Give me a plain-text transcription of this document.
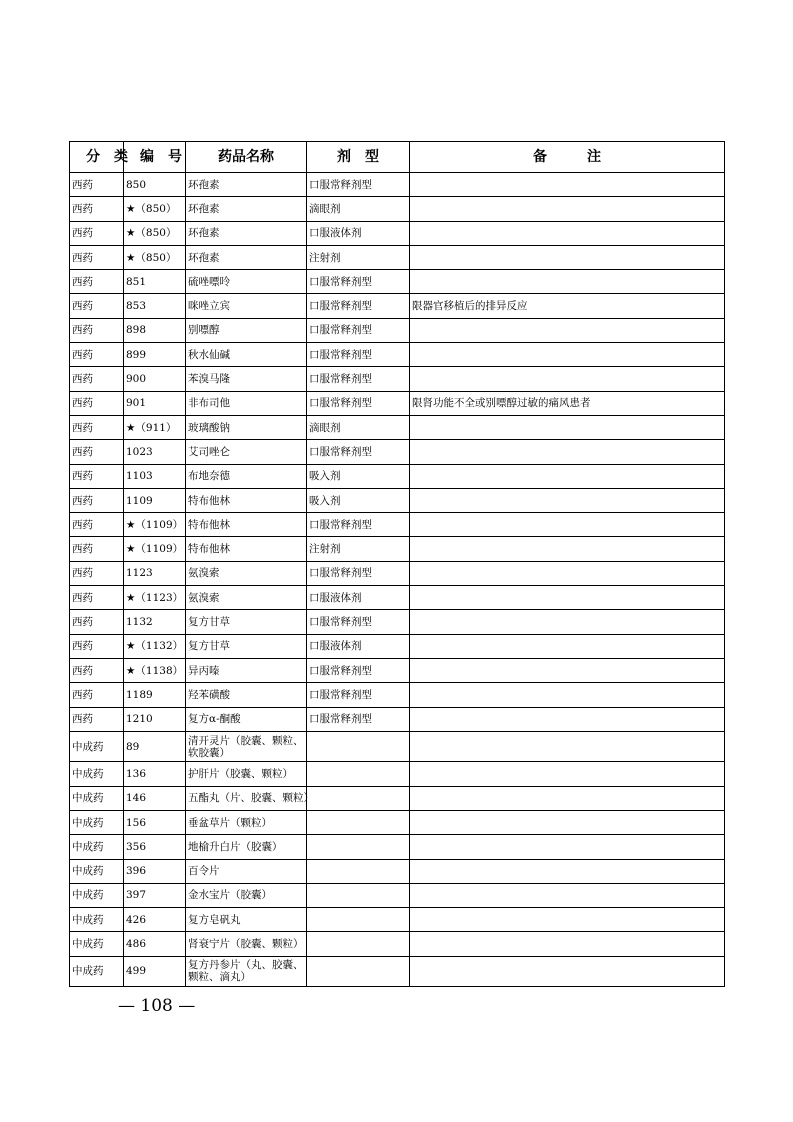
分类	编号	药品名称	剂型	备注
西药	850	环孢素	口服常释剂型	
西药	★（850）	环孢素	滴眼剂	
西药	★（850）	环孢素	口服液体剂	
西药	★（850）	环孢素	注射剂	
西药	851	硫唑嘌呤	口服常释剂型	
西药	853	咪唑立宾	口服常释剂型	限器官移植后的排异反应
西药	898	别嘌醇	口服常释剂型	
西药	899	秋水仙碱	口服常释剂型	
西药	900	苯溴马隆	口服常释剂型	
西药	901	非布司他	口服常释剂型	限肾功能不全或别嘌醇过敏的痛风患者
西药	★（911）	玻璃酸钠	滴眼剂	
西药	1023	艾司唑仑	口服常释剂型	
西药	1103	布地奈德	吸入剂	
西药	1109	特布他林	吸入剂	
西药	★（1109）	特布他林	口服常释剂型	
西药	★（1109）	特布他林	注射剂	
西药	1123	氨溴索	口服常释剂型	
西药	★（1123）	氨溴索	口服液体剂	
西药	1132	复方甘草	口服常释剂型	
西药	★（1132）	复方甘草	口服液体剂	
西药	★（1138）	异丙嗪	口服常释剂型	
西药	1189	羟苯磺酸	口服常释剂型	
西药	1210	复方α-酮酸	口服常释剂型	
中成药	89	清开灵片（胶囊、颗粒、软胶囊）		
中成药	136	护肝片（胶囊、颗粒）		
中成药	146	五酯丸（片、胶囊、颗粒）		
中成药	156	垂盆草片（颗粒）		
中成药	356	地榆升白片（胶囊）		
中成药	396	百令片		
中成药	397	金水宝片（胶囊）		
中成药	426	复方皂矾丸		
中成药	486	肾衰宁片（胶囊、颗粒）		
中成药	499	复方丹参片（丸、胶囊、颗粒、滴丸）		
— 108 —
